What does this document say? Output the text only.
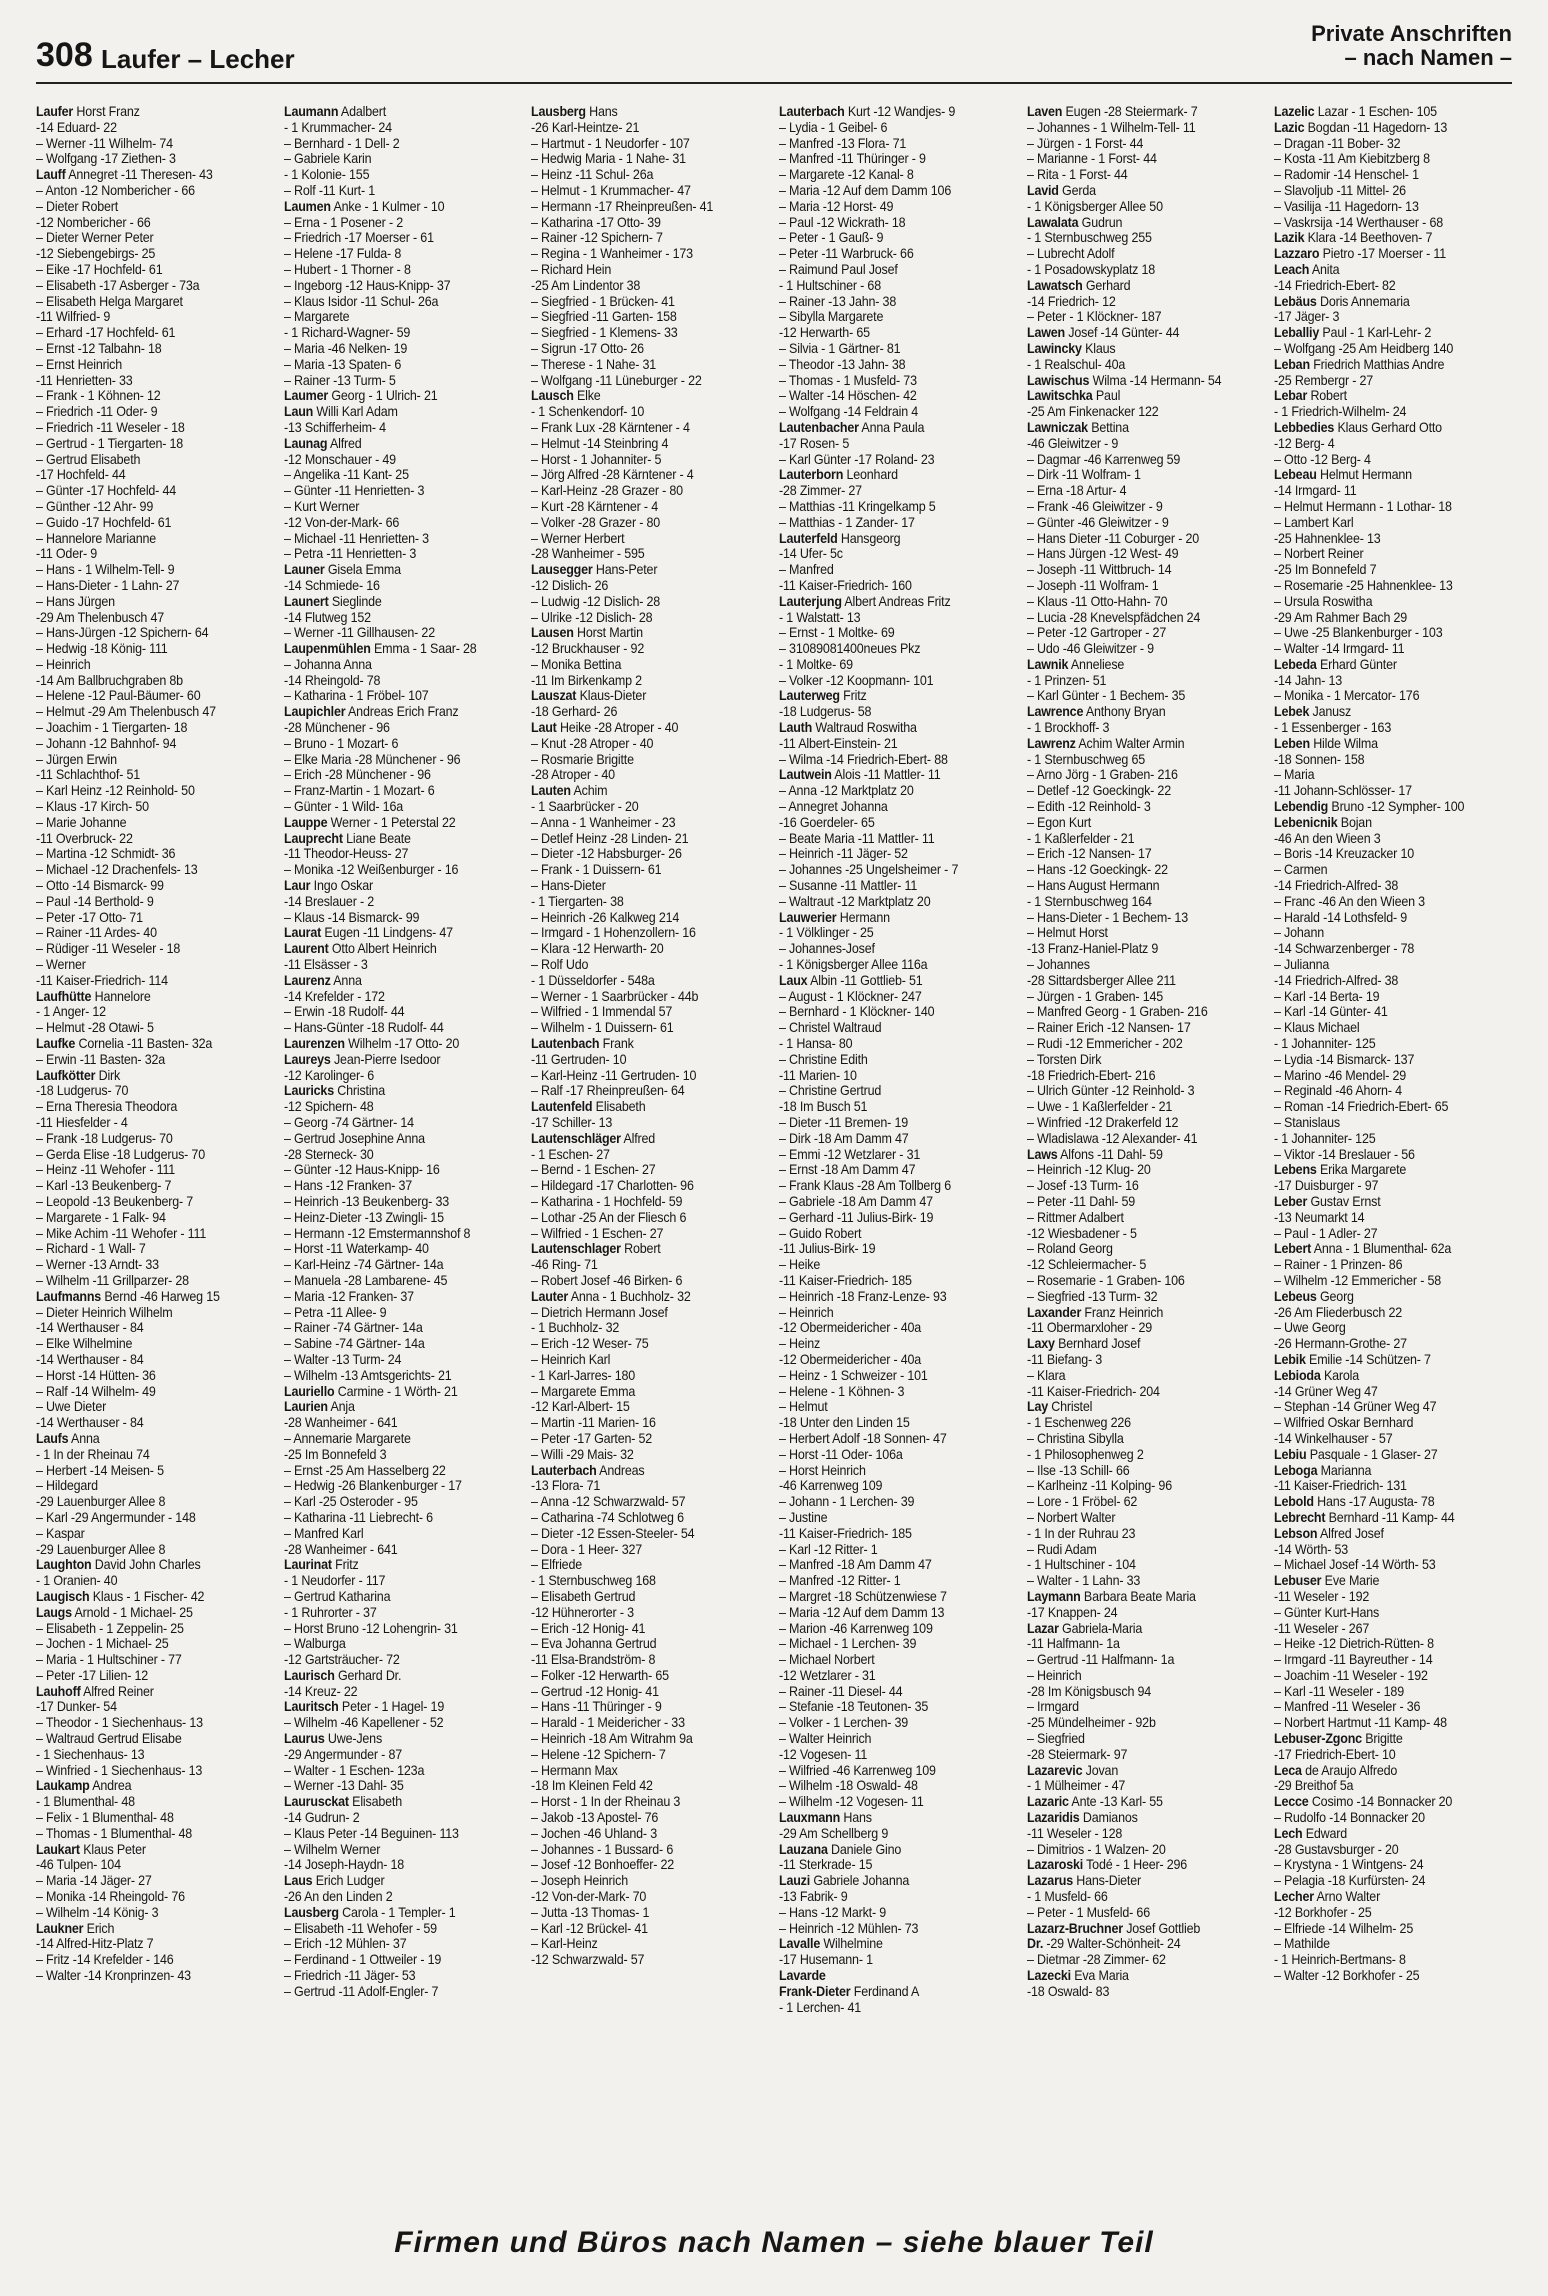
308 Laufer – Lecher
Private Anschriften
– nach Namen –
Laufer Horst Franz
-14 Eduard- 22
– Werner -11 Wilhelm- 74
– Wolfgang -17 Ziethen- 3
Lauff Annegret -11 Theresen- 43
– Anton -12 Nombericher - 66
– Dieter Robert
-12 Nombericher - 66
– Dieter Werner Peter
-12 Siebengebirgs- 25
– Eike -17 Hochfeld- 61
– Elisabeth -17 Asberger - 73a
– Elisabeth Helga Margaret
-11 Wilfried- 9
– Erhard -17 Hochfeld- 61
– Ernst -12 Talbahn- 18
– Ernst Heinrich
-11 Henrietten- 33
– Frank - 1 Köhnen- 12
– Friedrich -11 Oder- 9
– Friedrich -11 Weseler - 18
– Gertrud - 1 Tiergarten- 18
– Gertrud Elisabeth
-17 Hochfeld- 44
– Günter -17 Hochfeld- 44
– Günther -12 Ahr- 99
– Guido -17 Hochfeld- 61
– Hannelore Marianne
-11 Oder- 9
– Hans - 1 Wilhelm-Tell- 9
– Hans-Dieter - 1 Lahn- 27
– Hans Jürgen
-29 Am Thelenbusch 47
– Hans-Jürgen -12 Spichern- 64
– Hedwig -18 König- 111
– Heinrich
-14 Am Ballbruchgraben 8b
– Helene -12 Paul-Bäumer- 60
– Helmut -29 Am Thelenbusch 47
– Joachim - 1 Tiergarten- 18
– Johann -12 Bahnhof- 94
– Jürgen Erwin
-11 Schlachthof- 51
– Karl Heinz -12 Reinhold- 50
– Klaus -17 Kirch- 50
– Marie Johanne
-11 Overbruck- 22
– Martina -12 Schmidt- 36
– Michael -12 Drachenfels- 13
– Otto -14 Bismarck- 99
– Paul -14 Berthold- 9
– Peter -17 Otto- 71
– Rainer -11 Ardes- 40
– Rüdiger -11 Weseler - 18
– Werner
-11 Kaiser-Friedrich- 114
Laufhütte Hannelore
- 1 Anger- 12
– Helmut -28 Otawi- 5
Laufke Cornelia -11 Basten- 32a
– Erwin -11 Basten- 32a
Laufkötter Dirk
-18 Ludgerus- 70
– Erna Theresia Theodora
-11 Hiesfelder - 4
– Frank -18 Ludgerus- 70
– Gerda Elise -18 Ludgerus- 70
– Heinz -11 Wehofer - 111
– Karl -13 Beukenberg- 7
– Leopold -13 Beukenberg- 7
– Margarete - 1 Falk- 94
– Mike Achim -11 Wehofer - 111
– Richard - 1 Wall- 7
– Werner -13 Arndt- 33
– Wilhelm -11 Grillparzer- 28
Laufmanns Bernd -46 Harweg 15
– Dieter Heinrich Wilhelm
-14 Werthauser - 84
– Elke Wilhelmine
-14 Werthauser - 84
– Horst -14 Hütten- 36
– Ralf -14 Wilhelm- 49
– Uwe Dieter
-14 Werthauser - 84
Laufs Anna
- 1 In der Rheinau 74
– Herbert -14 Meisen- 5
– Hildegard
-29 Lauenburger Allee 8
– Karl -29 Angermunder - 148
– Kaspar
-29 Lauenburger Allee 8
Laughton David John Charles
- 1 Oranien- 40
Laugisch Klaus - 1 Fischer- 42
Laugs Arnold - 1 Michael- 25
– Elisabeth - 1 Zeppelin- 25
– Jochen - 1 Michael- 25
– Maria - 1 Hultschiner - 77
– Peter -17 Lilien- 12
Lauhoff Alfred Reiner
-17 Dunker- 54
– Theodor - 1 Siechenhaus- 13
– Waltraud Gertrud Elisabe
- 1 Siechenhaus- 13
– Winfried - 1 Siechenhaus- 13
Laukamp Andrea
- 1 Blumenthal- 48
– Felix - 1 Blumenthal- 48
– Thomas - 1 Blumenthal- 48
Laukart Klaus Peter
-46 Tulpen- 104
– Maria -14 Jäger- 27
– Monika -14 Rheingold- 76
– Wilhelm -14 König- 3
Laukner Erich
-14 Alfred-Hitz-Platz 7
– Fritz -14 Krefelder - 146
– Walter -14 Kronprinzen- 43
Laumann Adalbert
- 1 Krummacher- 24
– Bernhard - 1 Dell- 2
– Gabriele Karin
- 1 Kolonie- 155
– Rolf -11 Kurt- 1
Laumen Anke - 1 Kulmer - 10
– Erna - 1 Posener - 2
– Friedrich -17 Moerser - 61
– Helene -17 Fulda- 8
– Hubert - 1 Thorner - 8
– Ingeborg -12 Haus-Knipp- 37
– Klaus Isidor -11 Schul- 26a
– Margarete
- 1 Richard-Wagner- 59
– Maria -46 Nelken- 19
– Maria -13 Spaten- 6
– Rainer -13 Turm- 5
Laumer Georg - 1 Ulrich- 21
Laun Willi Karl Adam
-13 Schifferheim- 4
Launag Alfred
-12 Monschauer - 49
– Angelika -11 Kant- 25
– Günter -11 Henrietten- 3
– Kurt Werner
-12 Von-der-Mark- 66
– Michael -11 Henrietten- 3
– Petra -11 Henrietten- 3
Launer Gisela Emma
-14 Schmiede- 16
Launert Sieglinde
-14 Flutweg 152
– Werner -11 Gillhausen- 22
Laupenmühlen Emma - 1 Saar- 28
– Johanna Anna
-14 Rheingold- 78
– Katharina - 1 Fröbel- 107
Laupichler Andreas Erich Franz
-28 Münchener - 96
– Bruno - 1 Mozart- 6
– Elke Maria -28 Münchener - 96
– Erich -28 Münchener - 96
– Franz-Martin - 1 Mozart- 6
– Günter - 1 Wild- 16a
Lauppe Werner - 1 Peterstal 22
Lauprecht Liane Beate
-11 Theodor-Heuss- 27
– Monika -12 Weißenburger - 16
Laur Ingo Oskar
-14 Breslauer - 2
– Klaus -14 Bismarck- 99
Laurat Eugen -11 Lindgens- 47
Laurent Otto Albert Heinrich
-11 Elsässer - 3
Laurenz Anna
-14 Krefelder - 172
– Erwin -18 Rudolf- 44
– Hans-Günter -18 Rudolf- 44
Laurenzen Wilhelm -17 Otto- 20
Laureys Jean-Pierre Isedoor
-12 Karolinger- 6
Lauricks Christina
-12 Spichern- 48
– Georg -74 Gärtner- 14
– Gertrud Josephine Anna
-28 Sterneck- 30
– Günter -12 Haus-Knipp- 16
– Hans -12 Franken- 37
– Heinrich -13 Beukenberg- 33
– Heinz-Dieter -13 Zwingli- 15
– Hermann -12 Emstermannshof 8
– Horst -11 Waterkamp- 40
– Karl-Heinz -74 Gärtner- 14a
– Manuela -28 Lambarene- 45
– Maria -12 Franken- 37
– Petra -11 Allee- 9
– Rainer -74 Gärtner- 14a
– Sabine -74 Gärtner- 14a
– Walter -13 Turm- 24
– Wilhelm -13 Amtsgerichts- 21
Lauriello Carmine - 1 Wörth- 21
Laurien Anja
-28 Wanheimer - 641
– Annemarie Margarete
-25 Im Bonnefeld 3
– Ernst -25 Am Hasselberg 22
– Hedwig -26 Blankenburger - 17
– Karl -25 Osteroder - 95
– Katharina -11 Liebrecht- 6
– Manfred Karl
-28 Wanheimer - 641
Laurinat Fritz
- 1 Neudorfer - 117
– Gertrud Katharina
- 1 Ruhrorter - 37
– Horst Bruno -12 Lohengrin- 31
– Walburga
-12 Gartsträucher- 72
Laurisch Gerhard Dr.
-14 Kreuz- 22
Lauritsch Peter - 1 Hagel- 19
– Wilhelm -46 Kapellener - 52
Laurus Uwe-Jens
-29 Angermunder - 87
– Walter - 1 Eschen- 123a
– Werner -13 Dahl- 35
Laurusckat Elisabeth
-14 Gudrun- 2
– Klaus Peter -14 Beguinen- 113
– Wilhelm Werner
-14 Joseph-Haydn- 18
Laus Erich Ludger
-26 An den Linden 2
Lausberg Carola - 1 Templer- 1
– Elisabeth -11 Wehofer - 59
– Erich -12 Mühlen- 37
– Ferdinand - 1 Ottweiler - 19
– Friedrich -11 Jäger- 53
– Gertrud -11 Adolf-Engler- 7
Lausberg Hans
-26 Karl-Heintze- 21
– Hartmut - 1 Neudorfer - 107
– Hedwig Maria - 1 Nahe- 31
– Heinz -11 Schul- 26a
– Helmut - 1 Krummacher- 47
– Hermann -17 Rheinpreußen- 41
– Katharina -17 Otto- 39
– Rainer -12 Spichern- 7
– Regina - 1 Wanheimer - 173
– Richard Hein
-25 Am Lindentor 38
– Siegfried - 1 Brücken- 41
– Siegfried -11 Garten- 158
– Siegfried - 1 Klemens- 33
– Sigrun -17 Otto- 26
– Therese - 1 Nahe- 31
– Wolfgang -11 Lüneburger - 22
Lausch Elke
- 1 Schenkendorf- 10
– Frank Lux -28 Kärntener - 4
– Helmut -14 Steinbring 4
– Horst - 1 Johanniter- 5
– Jörg Alfred -28 Kärntener - 4
– Karl-Heinz -28 Grazer - 80
– Kurt -28 Kärntener - 4
– Volker -28 Grazer - 80
– Werner Herbert
-28 Wanheimer - 595
Lausegger Hans-Peter
-12 Dislich- 26
– Ludwig -12 Dislich- 28
– Ulrike -12 Dislich- 28
Lausen Horst Martin
-12 Bruckhauser - 92
– Monika Bettina
-11 Im Birkenkamp 2
Lauszat Klaus-Dieter
-18 Gerhard- 26
Laut Heike -28 Atroper - 40
– Knut -28 Atroper - 40
– Rosmarie Brigitte
-28 Atroper - 40
Lauten Achim
- 1 Saarbrücker - 20
– Anna - 1 Wanheimer - 23
– Detlef Heinz -28 Linden- 21
– Dieter -12 Habsburger- 26
– Frank - 1 Duissern- 61
– Hans-Dieter
- 1 Tiergarten- 38
– Heinrich -26 Kalkweg 214
– Irmgard - 1 Hohenzollern- 16
– Klara -12 Herwarth- 20
– Rolf Udo
- 1 Düsseldorfer - 548a
– Werner - 1 Saarbrücker - 44b
– Wilfried - 1 Immendal 57
– Wilhelm - 1 Duissern- 61
Lautenbach Frank
-11 Gertruden- 10
– Karl-Heinz -11 Gertruden- 10
– Ralf -17 Rheinpreußen- 64
Lautenfeld Elisabeth
-17 Schiller- 13
Lautenschläger Alfred
- 1 Eschen- 27
– Bernd - 1 Eschen- 27
– Hildegard -17 Charlotten- 96
– Katharina - 1 Hochfeld- 59
– Lothar -25 An der Fliesch 6
– Wilfried - 1 Eschen- 27
Lautenschlager Robert
-46 Ring- 71
– Robert Josef -46 Birken- 6
Lauter Anna - 1 Buchholz- 32
– Dietrich Hermann Josef
- 1 Buchholz- 32
– Erich -12 Weser- 75
– Heinrich Karl
- 1 Karl-Jarres- 180
– Margarete Emma
-12 Karl-Albert- 15
– Martin -11 Marien- 16
– Peter -17 Garten- 52
– Willi -29 Mais- 32
Lauterbach Andreas
-13 Flora- 71
– Anna -12 Schwarzwald- 57
– Catharina -74 Schlotweg 6
– Dieter -12 Essen-Steeler- 54
– Dora - 1 Heer- 327
– Elfriede
- 1 Sternbuschweg 168
– Elisabeth Gertrud
-12 Hühnerorter - 3
– Erich -12 Honig- 41
– Eva Johanna Gertrud
-11 Elsa-Brandström- 8
– Folker -12 Herwarth- 65
– Gertrud -12 Honig- 41
– Hans -11 Thüringer - 9
– Harald - 1 Meidericher - 33
– Heinrich -18 Am Witrahm 9a
– Helene -12 Spichern- 7
– Hermann Max
-18 Im Kleinen Feld 42
– Horst - 1 In der Rheinau 3
– Jakob -13 Apostel- 76
– Jochen -46 Uhland- 3
– Johannes - 1 Bussard- 6
– Josef -12 Bonhoeffer- 22
– Joseph Heinrich
-12 Von-der-Mark- 70
– Jutta -13 Thomas- 1
– Karl -12 Brückel- 41
– Karl-Heinz
-12 Schwarzwald- 57
Lauterbach Kurt -12 Wandjes- 9
– Lydia - 1 Geibel- 6
– Manfred -13 Flora- 71
– Manfred -11 Thüringer - 9
– Margarete -12 Kanal- 8
– Maria -12 Auf dem Damm 106
– Maria -12 Horst- 49
– Paul -12 Wickrath- 18
– Peter - 1 Gauß- 9
– Peter -11 Warbruck- 66
– Raimund Paul Josef
- 1 Hultschiner - 68
– Rainer -13 Jahn- 38
– Sibylla Margarete
-12 Herwarth- 65
– Silvia - 1 Gärtner- 81
– Theodor -13 Jahn- 38
– Thomas - 1 Musfeld- 73
– Walter -14 Höschen- 42
– Wolfgang -14 Feldrain 4
Lautenbacher Anna Paula
-17 Rosen- 5
– Karl Günter -17 Roland- 23
Lauterborn Leonhard
-28 Zimmer- 27
– Matthias -11 Kringelkamp 5
– Matthias - 1 Zander- 17
Lauterfeld Hansgeorg
-14 Ufer- 5c
– Manfred
-11 Kaiser-Friedrich- 160
Lauterjung Albert Andreas Fritz
- 1 Walstatt- 13
– Ernst - 1 Moltke- 69
– 31089081400neues Pkz
- 1 Moltke- 69
– Volker -12 Koopmann- 101
Lauterweg Fritz
-18 Ludgerus- 58
Lauth Waltraud Roswitha
-11 Albert-Einstein- 21
– Wilma -14 Friedrich-Ebert- 88
Lautwein Alois -11 Mattler- 11
– Anna -12 Marktplatz 20
– Annegret Johanna
-16 Goerdeler- 65
– Beate Maria -11 Mattler- 11
– Heinrich -11 Jäger- 52
– Johannes -25 Ungelsheimer - 7
– Susanne -11 Mattler- 11
– Waltraut -12 Marktplatz 20
Lauwerier Hermann
- 1 Völklinger - 25
– Johannes-Josef
- 1 Königsberger Allee 116a
Laux Albin -11 Gottlieb- 51
– August - 1 Klöckner- 247
– Bernhard - 1 Klöckner- 140
– Christel Waltraud
- 1 Hansa- 80
– Christine Edith
-11 Marien- 10
– Christine Gertrud
-18 Im Busch 51
– Dieter -11 Bremen- 19
– Dirk -18 Am Damm 47
– Emmi -12 Wetzlarer - 31
– Ernst -18 Am Damm 47
– Frank Klaus -28 Am Tollberg 6
– Gabriele -18 Am Damm 47
– Gerhard -11 Julius-Birk- 19
– Guido Robert
-11 Julius-Birk- 19
– Heike
-11 Kaiser-Friedrich- 185
– Heinrich -18 Franz-Lenze- 93
– Heinrich
-12 Obermeidericher - 40a
– Heinz
-12 Obermeidericher - 40a
– Heinz - 1 Schweizer - 101
– Helene - 1 Köhnen- 3
– Helmut
-18 Unter den Linden 15
– Herbert Adolf -18 Sonnen- 47
– Horst -11 Oder- 106a
– Horst Heinrich
-46 Karrenweg 109
– Johann - 1 Lerchen- 39
– Justine
-11 Kaiser-Friedrich- 185
– Karl -12 Ritter- 1
– Manfred -18 Am Damm 47
– Manfred -12 Ritter- 1
– Margret -18 Schützenwiese 7
– Maria -12 Auf dem Damm 13
– Marion -46 Karrenweg 109
– Michael - 1 Lerchen- 39
– Michael Norbert
-12 Wetzlarer - 31
– Rainer -11 Diesel- 44
– Stefanie -18 Teutonen- 35
– Volker - 1 Lerchen- 39
– Walter Heinrich
-12 Vogesen- 11
– Wilfried -46 Karrenweg 109
– Wilhelm -18 Oswald- 48
– Wilhelm -12 Vogesen- 11
Lauxmann Hans
-29 Am Schellberg 9
Lauzana Daniele Gino
-11 Sterkrade- 15
Lauzi Gabriele Johanna
-13 Fabrik- 9
– Hans -12 Markt- 9
– Heinrich -12 Mühlen- 73
Lavalle Wilhelmine
-17 Husemann- 1
Lavarde
Frank-Dieter Ferdinand A
- 1 Lerchen- 41
Laven Eugen -28 Steiermark- 7
– Johannes - 1 Wilhelm-Tell- 11
– Jürgen - 1 Forst- 44
– Marianne - 1 Forst- 44
– Rita - 1 Forst- 44
Lavid Gerda
- 1 Königsberger Allee 50
Lawalata Gudrun
- 1 Sternbuschweg 255
– Lubrecht Adolf
- 1 Posadowskyplatz 18
Lawatsch Gerhard
-14 Friedrich- 12
– Peter - 1 Klöckner- 187
Lawen Josef -14 Günter- 44
Lawincky Klaus
- 1 Realschul- 40a
Lawischus Wilma -14 Hermann- 54
Lawitschka Paul
-25 Am Finkenacker 122
Lawniczak Bettina
-46 Gleiwitzer - 9
– Dagmar -46 Karrenweg 59
– Dirk -11 Wolfram- 1
– Erna -18 Artur- 4
– Frank -46 Gleiwitzer - 9
– Günter -46 Gleiwitzer - 9
– Hans Dieter -11 Coburger - 20
– Hans Jürgen -12 West- 49
– Joseph -11 Wittbruch- 14
– Joseph -11 Wolfram- 1
– Klaus -11 Otto-Hahn- 70
– Lucia -28 Knevelspfädchen 24
– Peter -12 Gartroper - 27
– Udo -46 Gleiwitzer - 9
Lawnik Anneliese
- 1 Prinzen- 51
– Karl Günter - 1 Bechem- 35
Lawrence Anthony Bryan
- 1 Brockhoff- 3
Lawrenz Achim Walter Armin
- 1 Sternbuschweg 65
– Arno Jörg - 1 Graben- 216
– Detlef -12 Goeckingk- 22
– Edith -12 Reinhold- 3
– Egon Kurt
- 1 Kaßlerfelder - 21
– Erich -12 Nansen- 17
– Hans -12 Goeckingk- 22
– Hans August Hermann
- 1 Sternbuschweg 164
– Hans-Dieter - 1 Bechem- 13
– Helmut Horst
-13 Franz-Haniel-Platz 9
– Johannes
-28 Sittardsberger Allee 211
– Jürgen - 1 Graben- 145
– Manfred Georg - 1 Graben- 216
– Rainer Erich -12 Nansen- 17
– Rudi -12 Emmericher - 202
– Torsten Dirk
-18 Friedrich-Ebert- 216
– Ulrich Günter -12 Reinhold- 3
– Uwe - 1 Kaßlerfelder - 21
– Winfried -12 Drakerfeld 12
– Wladislawa -12 Alexander- 41
Laws Alfons -11 Dahl- 59
– Heinrich -12 Klug- 20
– Josef -13 Turm- 16
– Peter -11 Dahl- 59
– Rittmer Adalbert
-12 Wiesbadener - 5
– Roland Georg
-12 Schleiermacher- 5
– Rosemarie - 1 Graben- 106
– Siegfried -13 Turm- 32
Laxander Franz Heinrich
-11 Obermarxloher - 29
Laxy Bernhard Josef
-11 Biefang- 3
– Klara
-11 Kaiser-Friedrich- 204
Lay Christel
- 1 Eschenweg 226
– Christina Sibylla
- 1 Philosophenweg 2
– Ilse -13 Schill- 66
– Karlheinz -11 Kolping- 96
– Lore - 1 Fröbel- 62
– Norbert Walter
- 1 In der Ruhrau 23
– Rudi Adam
- 1 Hultschiner - 104
– Walter - 1 Lahn- 33
Laymann Barbara Beate Maria
-17 Knappen- 24
Lazar Gabriela-Maria
-11 Halfmann- 1a
– Gertrud -11 Halfmann- 1a
– Heinrich
-28 Im Königsbusch 94
– Irmgard
-25 Mündelheimer - 92b
– Siegfried
-28 Steiermark- 97
Lazarevic Jovan
- 1 Mülheimer - 47
Lazaric Ante -13 Karl- 55
Lazaridis Damianos
-11 Weseler - 128
– Dimitrios - 1 Walzen- 20
Lazaroski Todé - 1 Heer- 296
Lazarus Hans-Dieter
- 1 Musfeld- 66
– Peter - 1 Musfeld- 66
Lazarz-Bruchner Josef Gottlieb
Dr. -29 Walter-Schönheit- 24
– Dietmar -28 Zimmer- 62
Lazecki Eva Maria
-18 Oswald- 83
Lazelic Lazar - 1 Eschen- 105
Lazic Bogdan -11 Hagedorn- 13
– Dragan -11 Bober- 32
– Kosta -11 Am Kiebitzberg 8
– Radomir -14 Henschel- 1
– Slavoljub -11 Mittel- 26
– Vasilija -11 Hagedorn- 13
– Vaskrsija -14 Werthauser - 68
Lazik Klara -14 Beethoven- 7
Lazzaro Pietro -17 Moerser - 11
Leach Anita
-14 Friedrich-Ebert- 82
Lebäus Doris Annemaria
-17 Jäger- 3
Leballiy Paul - 1 Karl-Lehr- 2
– Wolfgang -25 Am Heidberg 140
Leban Friedrich Matthias Andre
-25 Rembergr - 27
Lebar Robert
- 1 Friedrich-Wilhelm- 24
Lebbedies Klaus Gerhard Otto
-12 Berg- 4
– Otto -12 Berg- 4
Lebeau Helmut Hermann
-14 Irmgard- 11
– Helmut Hermann - 1 Lothar- 18
– Lambert Karl
-25 Hahnenklee- 13
– Norbert Reiner
-25 Im Bonnefeld 7
– Rosemarie -25 Hahnenklee- 13
– Ursula Roswitha
-29 Am Rahmer Bach 29
– Uwe -25 Blankenburger - 103
– Walter -14 Irmgard- 11
Lebeda Erhard Günter
-14 Jahn- 13
– Monika - 1 Mercator- 176
Lebek Janusz
- 1 Essenberger - 163
Leben Hilde Wilma
-18 Sonnen- 158
– Maria
-11 Johann-Schlösser- 17
Lebendig Bruno -12 Sympher- 100
Lebenicnik Bojan
-46 An den Wieen 3
– Boris -14 Kreuzacker 10
– Carmen
-14 Friedrich-Alfred- 38
– Franc -46 An den Wieen 3
– Harald -14 Lothsfeld- 9
– Johann
-14 Schwarzenberger - 78
– Julianna
-14 Friedrich-Alfred- 38
– Karl -14 Berta- 19
– Karl -14 Günter- 41
– Klaus Michael
- 1 Johanniter- 125
– Lydia -14 Bismarck- 137
– Marino -46 Mendel- 29
– Reginald -46 Ahorn- 4
– Roman -14 Friedrich-Ebert- 65
– Stanislaus
- 1 Johanniter- 125
– Viktor -14 Breslauer - 56
Lebens Erika Margarete
-17 Duisburger - 97
Leber Gustav Ernst
-13 Neumarkt 14
– Paul - 1 Adler- 27
Lebert Anna - 1 Blumenthal- 62a
– Rainer - 1 Prinzen- 86
– Wilhelm -12 Emmericher - 58
Lebeus Georg
-26 Am Fliederbusch 22
– Uwe Georg
-26 Hermann-Grothe- 27
Lebik Emilie -14 Schützen- 7
Lebioda Karola
-14 Grüner Weg 47
– Stephan -14 Grüner Weg 47
– Wilfried Oskar Bernhard
-14 Winkelhauser - 57
Lebiu Pasquale - 1 Glaser- 27
Leboga Marianna
-11 Kaiser-Friedrich- 131
Lebold Hans -17 Augusta- 78
Lebrecht Bernhard -11 Kamp- 44
Lebson Alfred Josef
-14 Wörth- 53
– Michael Josef -14 Wörth- 53
Lebuser Eve Marie
-11 Weseler - 192
– Günter Kurt-Hans
-11 Weseler - 267
– Heike -12 Dietrich-Rütten- 8
– Irmgard -11 Bayreuther - 14
– Joachim -11 Weseler - 192
– Karl -11 Weseler - 189
– Manfred -11 Weseler - 36
– Norbert Hartmut -11 Kamp- 48
Lebuser-Zgonc Brigitte
-17 Friedrich-Ebert- 10
Leca de Araujo Alfredo
-29 Breithof 5a
Lecce Cosimo -14 Bonnacker 20
– Rudolfo -14 Bonnacker 20
Lech Edward
-28 Gustavsburger - 20
– Krystyna - 1 Wintgens- 24
– Pelagia -18 Kurfürsten- 24
Lecher Arno Walter
-12 Borkhofer - 25
– Elfriede -14 Wilhelm- 25
– Mathilde
- 1 Heinrich-Bertmans- 8
– Walter -12 Borkhofer - 25
Firmen und Büros nach Namen – siehe blauer Teil
